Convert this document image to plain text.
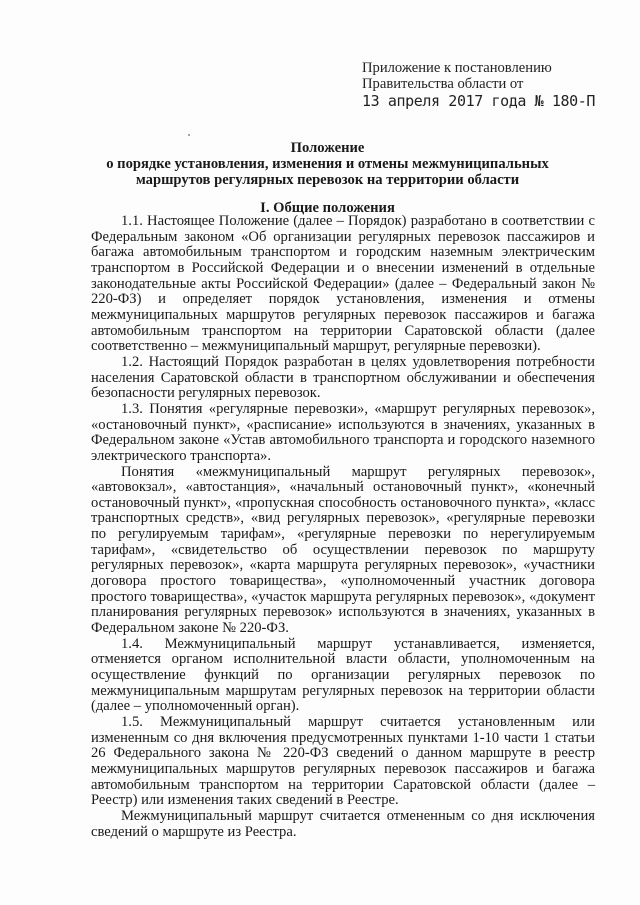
Приложение к постановлению
Правительства области от
13 апреля 2017 года № 180-П
Положение
о порядке установления, изменения и отмены межмуниципальных
маршрутов регулярных перевозок на территории области
I. Общие положения

1.1. Настоящее Положение (далее – Порядок) разработано в соответствии с Федеральным законом «Об организации регулярных перевозок пассажиров и багажа автомобильным транспортом и городским наземным электрическим транспортом в Российской Федерации и о внесении изменений в отдельные законодательные акты Российской Федерации» (далее – Федеральный закон № 220-ФЗ) и определяет порядок установления, изменения и отмены межмуниципальных маршрутов регулярных перевозок пассажиров и багажа автомобильным транспортом на территории Саратовской области (далее соответственно – межмуниципальный маршрут, регулярные перевозки).

1.2. Настоящий Порядок разработан в целях удовлетворения потребности населения Саратовской области в транспортном обслуживании и обеспечения безопасности регулярных перевозок.

1.3. Понятия «регулярные перевозки», «маршрут регулярных перевозок», «остановочный пункт», «расписание» используются в значениях, указанных в Федеральном законе «Устав автомобильного транспорта и городского наземного электрического транспорта».

Понятия «межмуниципальный маршрут регулярных перевозок», «автовокзал», «автостанция», «начальный остановочный пункт», «конечный остановочный пункт», «пропускная способность остановочного пункта», «класс транспортных средств», «вид регулярных перевозок», «регулярные перевозки по регулируемым тарифам», «регулярные перевозки по нерегулируемым тарифам», «свидетельство об осуществлении перевозок по маршруту регулярных перевозок», «карта маршрута регулярных перевозок», «участники договора простого товарищества», «уполномоченный участник договора простого товарищества», «участок маршрута регулярных перевозок», «документ планирования регулярных перевозок» используются в значениях, указанных в Федеральном законе № 220-ФЗ.

1.4. Межмуниципальный маршрут устанавливается, изменяется, отменяется органом исполнительной власти области, уполномоченным на осуществление функций по организации регулярных перевозок по межмуниципальным маршрутам регулярных перевозок на территории области (далее – уполномоченный орган).

1.5. Межмуниципальный маршрут считается установленным или измененным со дня включения предусмотренных пунктами 1-10 части 1 статьи 26 Федерального закона № 220-ФЗ сведений о данном маршруте в реестр межмуниципальных маршрутов регулярных перевозок пассажиров и багажа автомобильным транспортом на территории Саратовской области (далее – Реестр) или изменения таких сведений в Реестре.

Межмуниципальный маршрут считается отмененным со дня исключения сведений о маршруте из Реестра.
